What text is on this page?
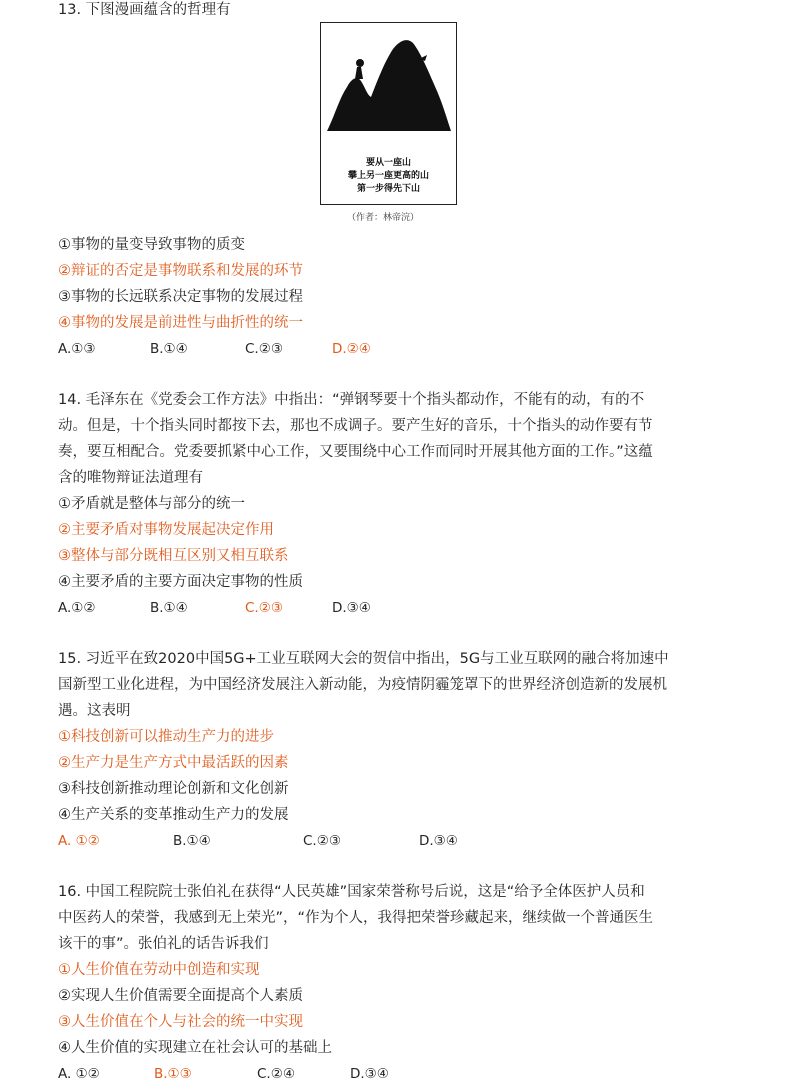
13. 下图漫画蕴含的哲理有
要从一座山
攀上另一座更高的山
第一步得先下山
（作者：林帝浣）
①事物的量变导致事物的质变
②辩证的否定是事物联系和发展的环节
③事物的长远联系决定事物的发展过程
④事物的发展是前进性与曲折性的统一
A.①③	B.①④	C.②③	D.②④
14. 毛泽东在《党委会工作方法》中指出：“弹钢琴要十个指头都动作，不能有的动，有的不
动。但是，十个指头同时都按下去，那也不成调子。要产生好的音乐，十个指头的动作要有节
奏，要互相配合。党委要抓紧中心工作，又要围绕中心工作而同时开展其他方面的工作。”这蕴
含的唯物辩证法道理有
①矛盾就是整体与部分的统一
②主要矛盾对事物发展起决定作用
③整体与部分既相互区别又相互联系
④主要矛盾的主要方面决定事物的性质
A.①②	B.①④	C.②③	D.③④
15. 习近平在致2020中国5G+工业互联网大会的贺信中指出，5G与工业互联网的融合将加速中
国新型工业化进程，为中国经济发展注入新动能，为疫情阴霾笼罩下的世界经济创造新的发展机
遇。这表明
①科技创新可以推动生产力的进步
②生产力是生产方式中最活跃的因素
③科技创新推动理论创新和文化创新
④生产关系的变革推动生产力的发展
A. ①②	B.①④	C.②③	D.③④
16. 中国工程院院士张伯礼在获得“人民英雄”国家荣誉称号后说，这是“给予全体医护人员和
中医药人的荣誉，我感到无上荣光”，“作为个人，我得把荣誉珍藏起来，继续做一个普通医生
该干的事”。张伯礼的话告诉我们
①人生价值在劳动中创造和实现
②实现人生价值需要全面提高个人素质
③人生价值在个人与社会的统一中实现
④人生价值的实现建立在社会认可的基础上
A. ①②	B.①③	C.②④	D.③④
